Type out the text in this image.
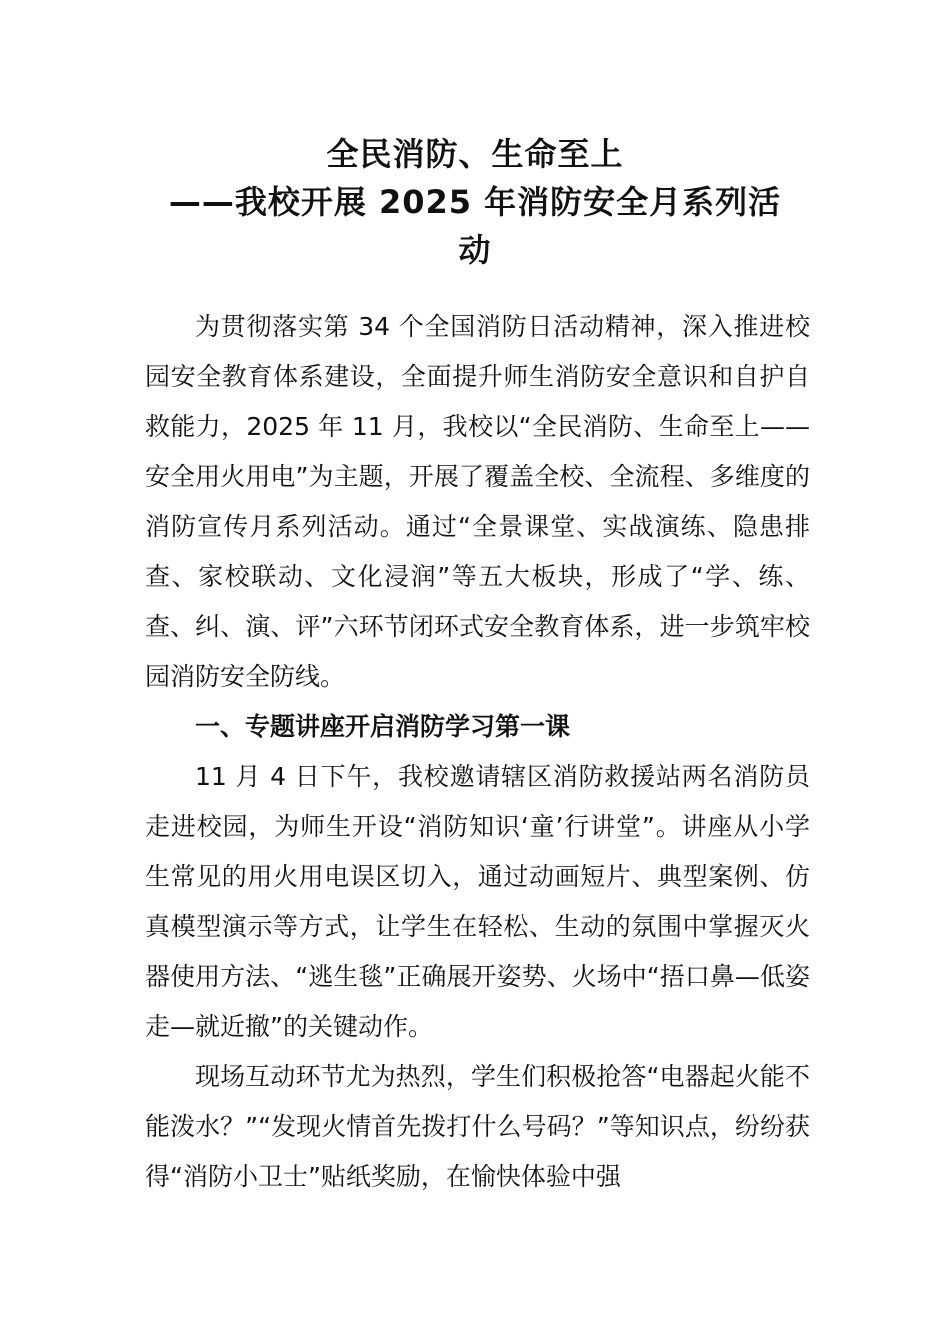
全民消防、生命至上
——我校开展 2025 年消防安全月系列活
动

为贯彻落实第 34 个全国消防日活动精神，深入推进校园安全教育体系建设，全面提升师生消防安全意识和自护自救能力，2025 年 11 月，我校以“全民消防、生命至上——安全用火用电”为主题，开展了覆盖全校、全流程、多维度的消防宣传月系列活动。通过“全景课堂、实战演练、隐患排查、家校联动、文化浸润”等五大板块，形成了“学、练、查、纠、演、评”六环节闭环式安全教育体系，进一步筑牢校园消防安全防线。

一、专题讲座开启消防学习第一课

11 月 4 日下午，我校邀请辖区消防救援站两名消防员走进校园，为师生开设“消防知识‘童’行讲堂”。讲座从小学生常见的用火用电误区切入，通过动画短片、典型案例、仿真模型演示等方式，让学生在轻松、生动的氛围中掌握灭火器使用方法、“逃生毯”正确展开姿势、火场中“捂口鼻—低姿走—就近撤”的关键动作。

现场互动环节尤为热烈，学生们积极抢答“电器起火能不能泼水？”“发现火情首先拨打什么号码？”等知识点，纷纷获得“消防小卫士”贴纸奖励，在愉快体验中强
